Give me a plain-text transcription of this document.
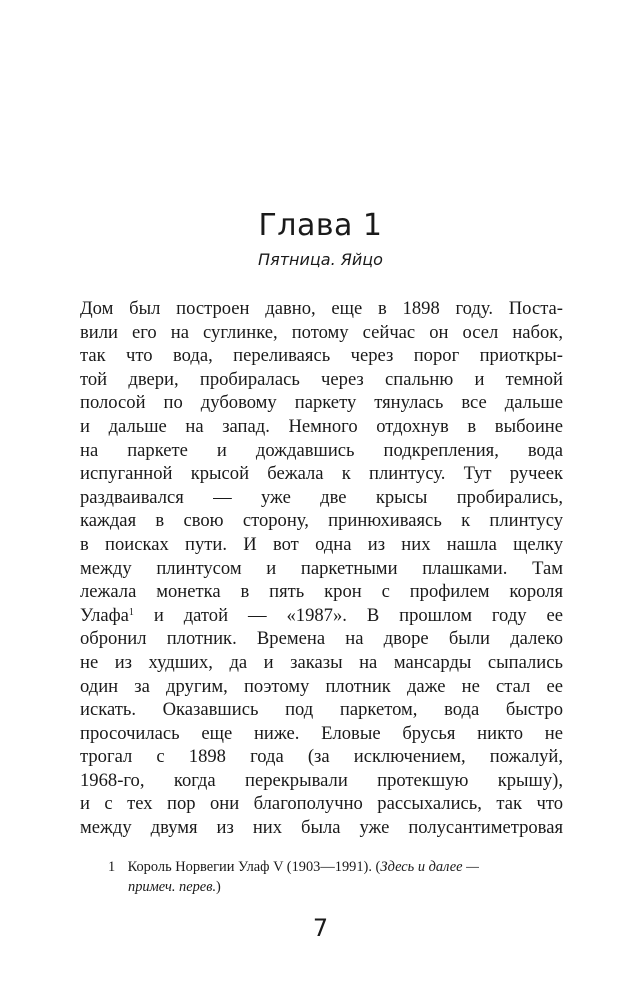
Глава 1

Пятница. Яйцо

Дом был построен давно, еще в 1898 году. Поста-
вили его на суглинке, потому сейчас он осел набок,
так что вода, переливаясь через порог приоткры-
той двери, пробиралась через спальню и темной
полосой по дубовому паркету тянулась все дальше
и дальше на запад. Немного отдохнув в выбоине
на паркете и дождавшись подкрепления, вода
испуганной крысой бежала к плинтусу. Тут ручеек
раздваивался — уже две крысы пробирались,
каждая в свою сторону, принюхиваясь к плинтусу
в поисках пути. И вот одна из них нашла щелку
между плинтусом и паркетными плашками. Там
лежала монетка в пять крон с профилем короля
Улафа$^1$ и датой — «1987». В прошлом году ее
обронил плотник. Времена на дворе были далеко
не из худших, да и заказы на мансарды сыпались
один за другим, поэтому плотник даже не стал ее
искать. Оказавшись под паркетом, вода быстро
просочилась еще ниже. Еловые брусья никто не
трогал с 1898 года (за исключением, пожалуй,
1968-го, когда перекрывали протекшую крышу),
и с тех пор они благополучно рассыхались, так что
между двумя из них была уже полусантиметровая
1 Король Норвегии Улаф V (1903—1991). (Здесь и далее —
примеч. перев.)

7
